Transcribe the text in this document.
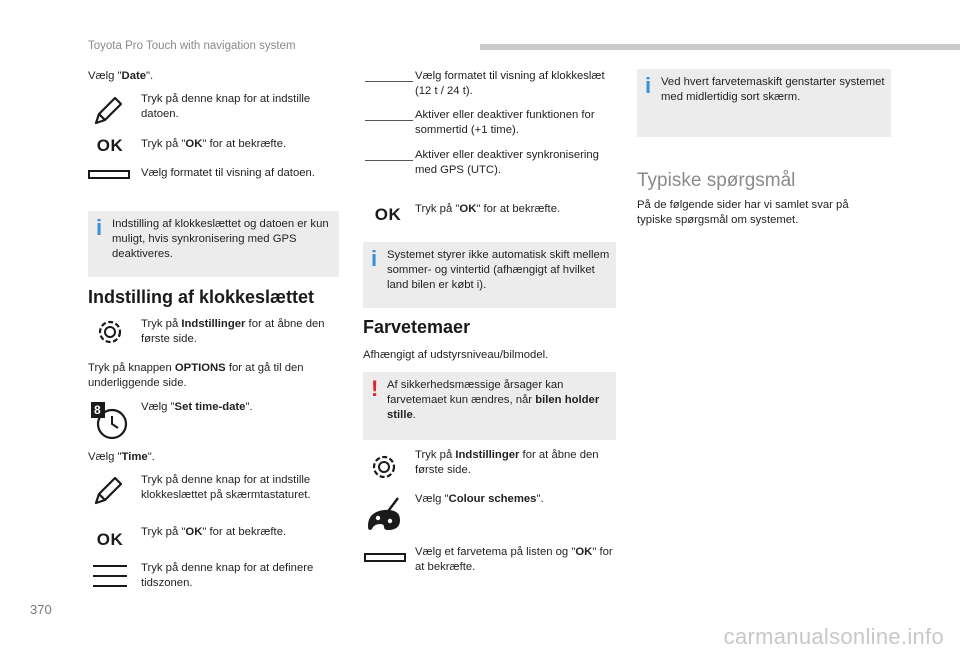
Toyota Pro Touch with navigation system
Vælg "Date".
Tryk på denne knap for at indstille datoen.
OK	Tryk på "OK" for at bekræfte.
Vælg formatet til visning af datoen.
i Indstilling af klokkeslættet og datoen er kun muligt, hvis synkronisering med GPS deaktiveres.
Indstilling af klokkeslættet
Tryk på Indstillinger for at åbne den første side.
Tryk på knappen OPTIONS for at gå til den underliggende side.
8	Vælg "Set time-date".
Vælg "Time".
Tryk på denne knap for at indstille klokkeslættet på skærmtastaturet.
OK	Tryk på "OK" for at bekræfte.
Tryk på denne knap for at definere tidszonen.
Vælg formatet til visning af klokkeslæt (12 t / 24 t).
Aktiver eller deaktiver funktionen for sommertid (+1 time).
Aktiver eller deaktiver synkronisering med GPS (UTC).
OK	Tryk på "OK" for at bekræfte.
i Systemet styrer ikke automatisk skift mellem sommer- og vintertid (afhængigt af hvilket land bilen er købt i).
Farvetemaer
Afhængigt af udstyrsniveau/bilmodel.
! Af sikkerhedsmæssige årsager kan farvetemaet kun ændres, når bilen holder stille.
Tryk på Indstillinger for at åbne den første side.
Vælg "Colour schemes".
Vælg et farvetema på listen og "OK" for at bekræfte.
i Ved hvert farvetemaskift genstarter systemet med midlertidig sort skærm.
Typiske spørgsmål
På de følgende sider har vi samlet svar på typiske spørgsmål om systemet.
370
carmanualsonline.info
